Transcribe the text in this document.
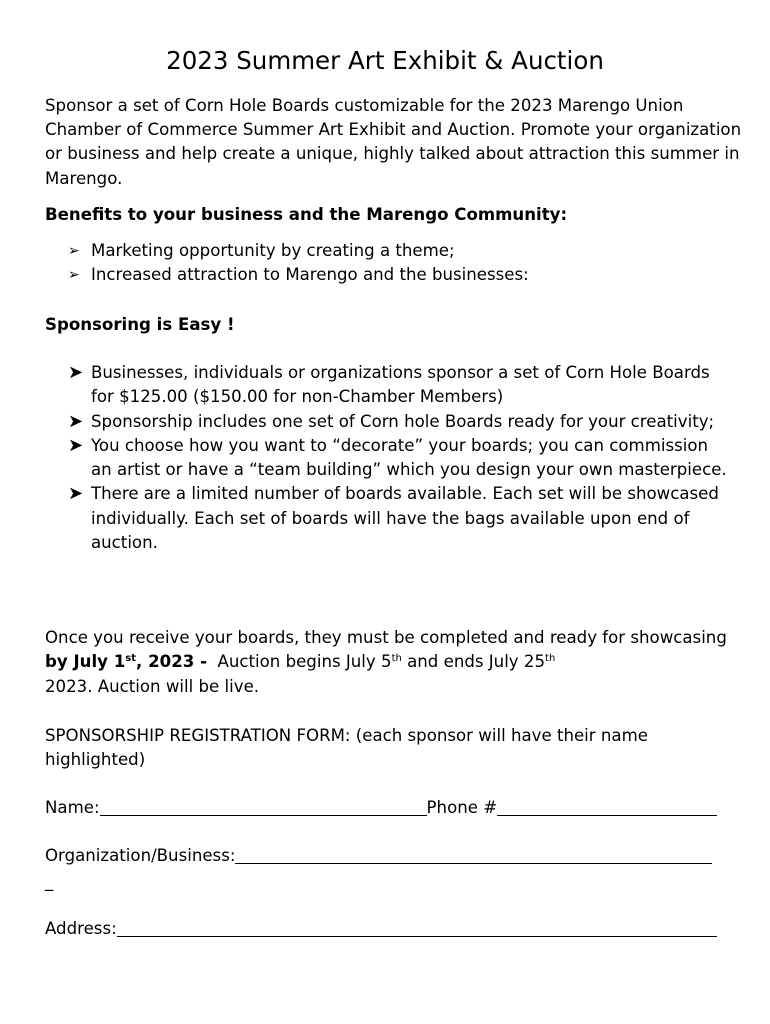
2023 Summer Art Exhibit & Auction

Sponsor a set of Corn Hole Boards customizable for the 2023 Marengo Union Chamber of Commerce Summer Art Exhibit and Auction. Promote your organization or business and help create a unique, highly talked about attraction this summer in Marengo.

Benefits to your business and the Marengo Community:

➢ Marketing opportunity by creating a theme;
➢ Increased attraction to Marengo and the businesses:

Sponsoring is Easy !

➤ Businesses, individuals or organizations sponsor a set of Corn Hole Boards for $125.00 ($150.00 for non-Chamber Members)
➤ Sponsorship includes one set of Corn hole Boards ready for your creativity;
➤ You choose how you want to “decorate” your boards; you can commission an artist or have a “team building” which you design your own masterpiece.
➤ There are a limited number of boards available. Each set will be showcased individually. Each set of boards will have the bags available upon end of auction.

Once you receive your boards, they must be completed and ready for showcasing by July 1st, 2023 -  Auction begins July 5th and ends July 25th
2023. Auction will be live.

SPONSORSHIP REGISTRATION FORM: (each sponsor will have their name highlighted)

Name:	Phone #
Organization/Business:
_
Address:
